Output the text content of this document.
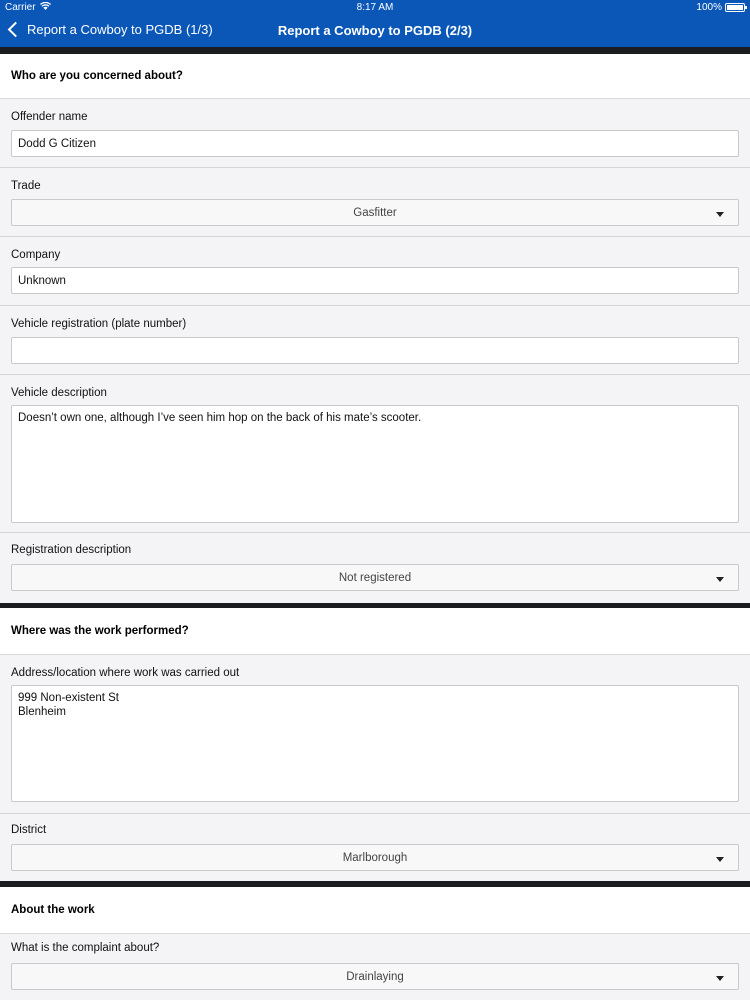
Carrier	8:17 AM	100%
Report a Cowboy to PGDB (1/3)	Report a Cowboy to PGDB (2/3)
Who are you concerned about?
Offender name
Dodd G Citizen
Trade
Gasfitter
Company
Unknown
Vehicle registration (plate number)
Vehicle description
Doesn’t own one, although I’ve seen him hop on the back of his mate’s scooter.
Registration description
Not registered
Where was the work performed?
Address/location where work was carried out
999 Non-existent St
Blenheim
District
Marlborough
About the work
What is the complaint about?
Drainlaying
